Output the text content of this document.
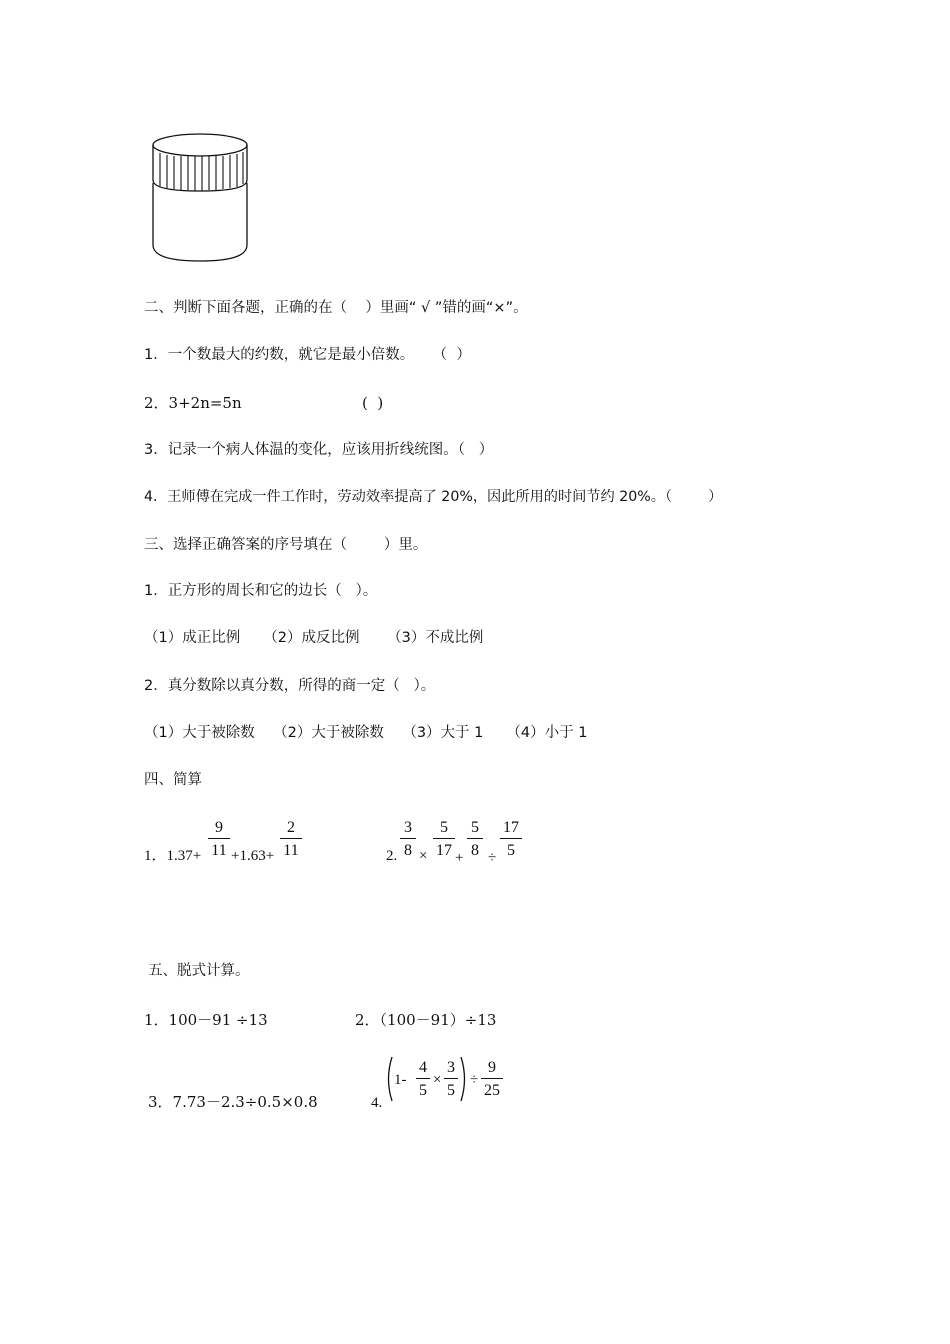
二、判断下面各题，正确的在（    ）里画“ √ ”错的画“×”。
1．一个数最大的约数，就它是最小倍数。    （  ）
2．3+2n=5n	(  )
3．记录一个病人体温的变化，应该用折线统图。（   ）
4．王师傅在完成一件工作时，劳动效率提高了 20%，因此所用的时间节约 20%。（        ）
三、选择正确答案的序号填在（        ）里。
1．正方形的周长和它的边长（   ）。
（1）成正比例     （2）成反比例      （3）不成比例
2．真分数除以真分数，所得的商一定（   ）。
（1）大于被除数    （2）大于被除数    （3）大于 1     （4）小于 1
四、简算
1．1.37+
9
11 +1.63+
2
11	2.
3
8 ×
5
17 +
5
8 ÷
17
5
五、脱式计算。
1．100－91 ÷13	2．（100－91）÷13
3．7.73－2.3÷0.5×0.8	4.
1-
4
5
×
3
5
÷
9
25
